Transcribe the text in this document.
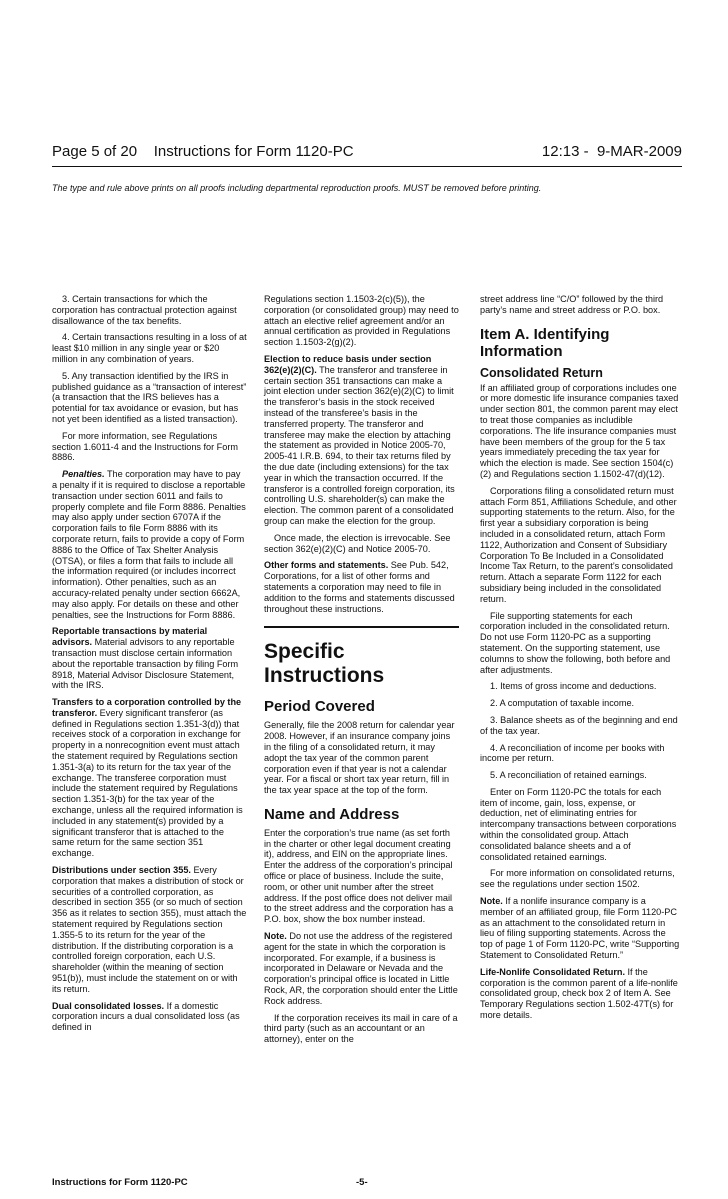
Page 5 of 20 Instructions for Form 1120-PC	12:13 -  9-MAR-2009
The type and rule above prints on all proofs including departmental reproduction proofs. MUST be removed before printing.

3. Certain transactions for which the corporation has contractual protection against disallowance of the tax benefits.

4. Certain transactions resulting in a loss of at least $10 million in any single year or $20 million in any combination of years.

5. Any transaction identified by the IRS in published guidance as a “transaction of interest” (a transaction that the IRS believes has a potential for tax avoidance or evasion, but has not yet been identified as a listed transaction).

For more information, see Regulations section 1.6011-4 and the Instructions for Form 8886.

Penalties. The corporation may have to pay a penalty if it is required to disclose a reportable transaction under section 6011 and fails to properly complete and file Form 8886. Penalties may also apply under section 6707A if the corporation fails to file Form 8886 with its corporate return, fails to provide a copy of Form 8886 to the Office of Tax Shelter Analysis (OTSA), or files a form that fails to include all the information required (or includes incorrect information). Other penalties, such as an accuracy-related penalty under section 6662A, may also apply. For details on these and other penalties, see the Instructions for Form 8886.

Reportable transactions by material advisors. Material advisors to any reportable transaction must disclose certain information about the reportable transaction by filing Form 8918, Material Advisor Disclosure Statement, with the IRS.

Transfers to a corporation controlled by the transferor. Every significant transferor (as defined in Regulations section 1.351-3(d)) that receives stock of a corporation in exchange for property in a nonrecognition event must attach the statement required by Regulations section 1.351-3(a) to its return for the tax year of the exchange. The transferee corporation must include the statement required by Regulations section 1.351-3(b) for the tax year of the exchange, unless all the required information is included in any statement(s) provided by a significant transferor that is attached to the same return for the same section 351 exchange.

Distributions under section 355. Every corporation that makes a distribution of stock or securities of a controlled corporation, as described in section 355 (or so much of section 356 as it relates to section 355), must attach the statement required by Regulations section 1.355-5 to its return for the year of the distribution. If the distributing corporation is a controlled foreign corporation, each U.S. shareholder (within the meaning of section 951(b)), must include the statement on or with its return.

Dual consolidated losses. If a domestic corporation incurs a dual consolidated loss (as defined in

Regulations section 1.1503-2(c)(5)), the corporation (or consolidated group) may need to attach an elective relief agreement and/or an annual certification as provided in Regulations section 1.1503-2(g)(2).

Election to reduce basis under section 362(e)(2)(C). The transferor and transferee in certain section 351 transactions can make a joint election under section 362(e)(2)(C) to limit the transferor’s basis in the stock received instead of the transferee’s basis in the transferred property. The transferor and transferee may make the election by attaching the statement as provided in Notice 2005-70, 2005-41 I.R.B. 694, to their tax returns filed by the due date (including extensions) for the tax year in which the transaction occurred. If the transferor is a controlled foreign corporation, its controlling U.S. shareholder(s) can make the election. The common parent of a consolidated group can make the election for the group.

Once made, the election is irrevocable. See section 362(e)(2)(C) and Notice 2005-70.

Other forms and statements. See Pub. 542, Corporations, for a list of other forms and statements a corporation may need to file in addition to the forms and statements discussed throughout these instructions.

Specific Instructions
Period Covered

Generally, file the 2008 return for calendar year 2008. However, if an insurance company joins in the filing of a consolidated return, it may adopt the tax year of the common parent corporation even if that year is not a calendar year. For a fiscal or short tax year return, fill in the tax year space at the top of the form.

Name and Address

Enter the corporation’s true name (as set forth in the charter or other legal document creating it), address, and EIN on the appropriate lines. Enter the address of the corporation’s principal office or place of business. Include the suite, room, or other unit number after the street address. If the post office does not deliver mail to the street address and the corporation has a P.O. box, show the box number instead.

Note. Do not use the address of the registered agent for the state in which the corporation is incorporated. For example, if a business is incorporated in Delaware or Nevada and the corporation’s principal office is located in Little Rock, AR, the corporation should enter the Little Rock address.

If the corporation receives its mail in care of a third party (such as an accountant or an attorney), enter on the

street address line “C/O” followed by the third party’s name and street address or P.O. box.

Item A. Identifying Information
Consolidated Return

If an affiliated group of corporations includes one or more domestic life insurance companies taxed under section 801, the common parent may elect to treat those companies as includible corporations. The life insurance companies must have been members of the group for the 5 tax years immediately preceding the tax year for which the election is made. See section 1504(c)(2) and Regulations section 1.1502-47(d)(12).

Corporations filing a consolidated return must attach Form 851, Affiliations Schedule, and other supporting statements to the return. Also, for the first year a subsidiary corporation is being included in a consolidated return, attach Form 1122, Authorization and Consent of Subsidiary Corporation To Be Included in a Consolidated Income Tax Return, to the parent’s consolidated return. Attach a separate Form 1122 for each subsidiary being included in the consolidated return.

File supporting statements for each corporation included in the consolidated return. Do not use Form 1120-PC as a supporting statement. On the supporting statement, use columns to show the following, both before and after adjustments.

1. Items of gross income and deductions.

2. A computation of taxable income.

3. Balance sheets as of the beginning and end of the tax year.

4. A reconciliation of income per books with income per return.

5. A reconciliation of retained earnings.

Enter on Form 1120-PC the totals for each item of income, gain, loss, expense, or deduction, net of eliminating entries for intercompany transactions between corporations within the consolidated group. Attach consolidated balance sheets and a of consolidated retained earnings.

For more information on consolidated returns, see the regulations under section 1502.

Note. If a nonlife insurance company is a member of an affiliated group, file Form 1120-PC as an attachment to the consolidated return in lieu of filing supporting statements. Across the top of page 1 of Form 1120-PC, write “Supporting Statement to Consolidated Return.”

Life-Nonlife Consolidated Return. If the corporation is the common parent of a life-nonlife consolidated group, check box 2 of Item A. See Temporary Regulations section 1.502-47T(s) for more details.

Instructions for Form 1120-PC	-5-
